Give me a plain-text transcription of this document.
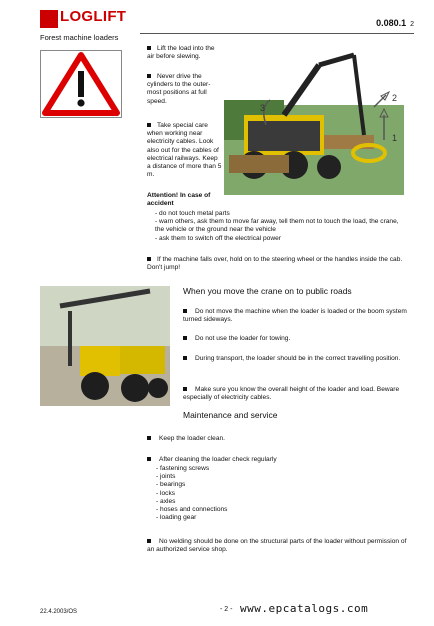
LOGLIFT
Forest machine loaders
0.080.1 2
Lift the load into the air before slewing.
Never drive the cylinders to the outer-most positions at full speed.
Take special care when working near electricity cables. Look also out for the cables of electrical railways. Keep a distance of more than 5 m.
Attention! In case of accident
- do not touch metal parts
- warn others, ask them to move far away, tell them not to touch the load, the crane, the vehicle or the ground near the vehicle
- ask them to switch off the electrical power
If the machine falls over, hold on to the steering wheel or the handles inside the cab. Don't jump!
1
2
3
When you move the crane on to public roads
Do not move the machine when the loader is loaded or the boom system turned sideways.
Do not use the loader for towing.
During transport, the loader should be in the correct travelling position.
Make sure you know the overall height of the loader and load. Beware especially of electricity cables.
Maintenance and service
Keep the loader clean.
After cleaning the loader check regularly
- fastening screws
- joints
- bearings
- locks
- axles
- hoses and connections
- loading gear
No welding should be done on the structural parts of the loader without permission of an authorized service shop.
22.4.2003/OS	- 2 - www.epcatalogs.com
